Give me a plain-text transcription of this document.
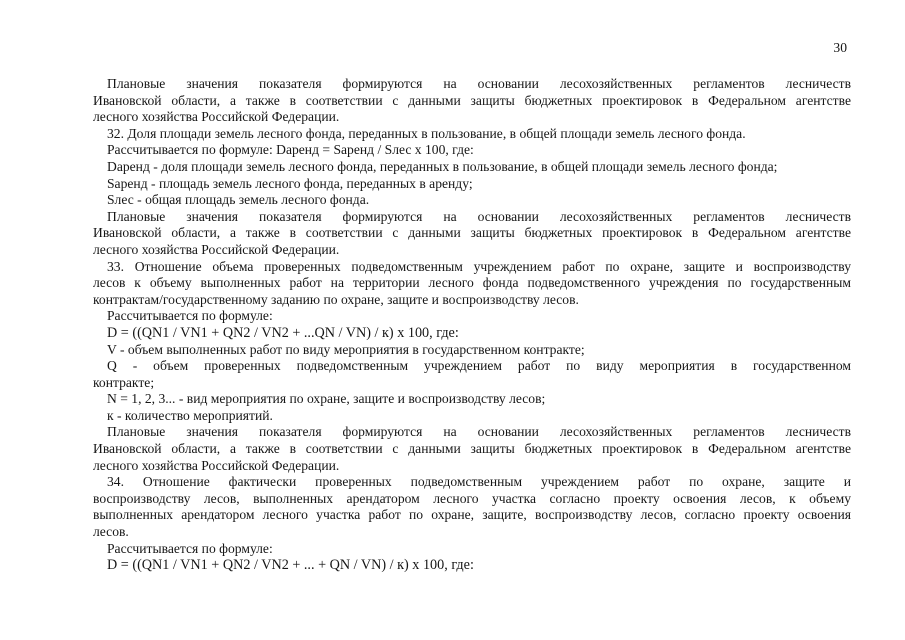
30
Плановые значения показателя формируются на основании лесохозяйственных регламентов лесничеств
Ивановской области, а также в соответствии с данными защиты бюджетных проектировок в Федеральном агентстве
лесного хозяйства Российской Федерации.
32. Доля площади земель лесного фонда, переданных в пользование, в общей площади земель лесного фонда.
Рассчитывается по формуле: Dаренд = Sаренд / Sлес х 100, где:
Dаренд - доля площади земель лесного фонда, переданных в пользование, в общей площади земель лесного фонда;
Sаренд - площадь земель лесного фонда, переданных в аренду;
Sлес - общая площадь земель лесного фонда.
Плановые значения показателя формируются на основании лесохозяйственных регламентов лесничеств
Ивановской области, а также в соответствии с данными защиты бюджетных проектировок в Федеральном агентстве
лесного хозяйства Российской Федерации.
33. Отношение объема проверенных подведомственным учреждением работ по охране, защите и воспроизводству
лесов к объему выполненных работ на территории лесного фонда подведомственного учреждения по государственным
контрактам/государственному заданию по охране, защите и воспроизводству лесов.
Рассчитывается по формуле:
D = ((QN1 / VN1 + QN2 / VN2 + ...QN / VN) / к) х 100, где:
V - объем выполненных работ по виду мероприятия в государственном контракте;
Q - объем проверенных подведомственным учреждением работ по виду мероприятия в государственном
контракте;
N = 1, 2, 3... - вид мероприятия по охране, защите и воспроизводству лесов;
к - количество мероприятий.
Плановые значения показателя формируются на основании лесохозяйственных регламентов лесничеств
Ивановской области, а также в соответствии с данными защиты бюджетных проектировок в Федеральном агентстве
лесного хозяйства Российской Федерации.
34. Отношение фактически проверенных подведомственным учреждением работ по охране, защите и
воспроизводству лесов, выполненных арендатором лесного участка согласно проекту освоения лесов, к объему
выполненных арендатором лесного участка работ по охране, защите, воспроизводству лесов, согласно проекту освоения
лесов.
Рассчитывается по формуле:
D = ((QN1 / VN1 + QN2 / VN2 + ... + QN / VN) / к) х 100, где:
